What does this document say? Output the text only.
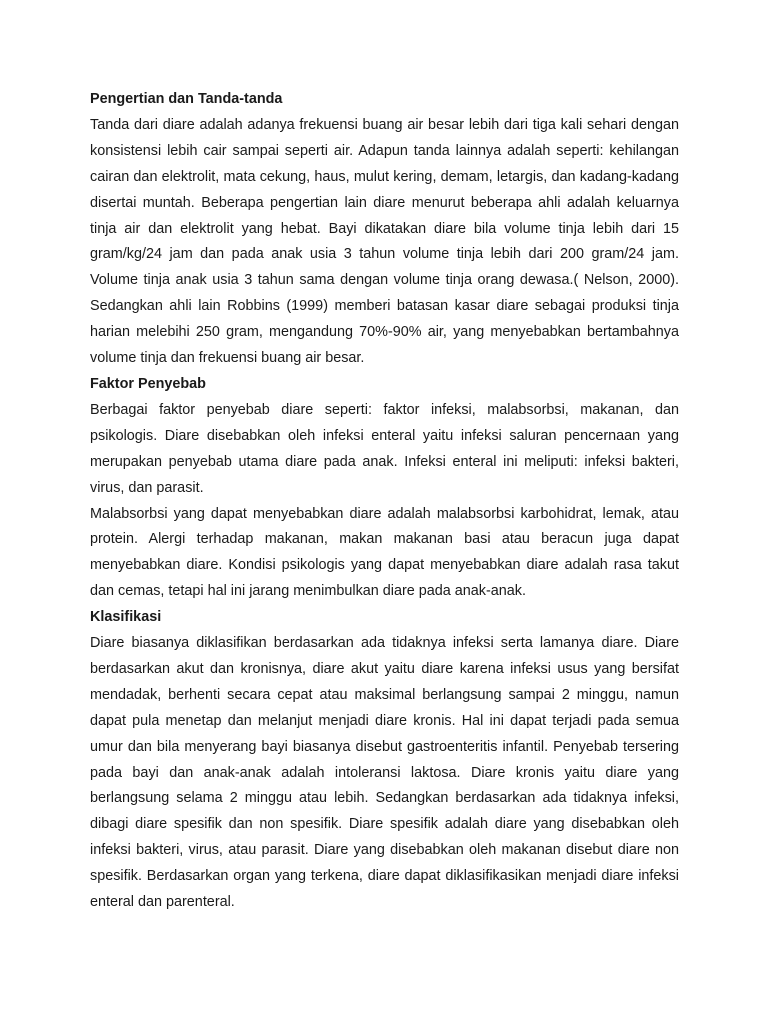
Pengertian dan Tanda-tanda

Tanda dari diare adalah adanya frekuensi buang air besar lebih dari tiga kali sehari dengan konsistensi lebih cair sampai seperti air. Adapun tanda lainnya adalah seperti: kehilangan cairan dan elektrolit, mata cekung, haus, mulut kering, demam, letargis, dan kadang-kadang disertai muntah. Beberapa pengertian lain diare menurut beberapa ahli adalah keluarnya tinja air dan elektrolit yang hebat. Bayi dikatakan diare bila volume tinja lebih dari 15 gram/kg/24 jam dan pada anak usia 3 tahun volume tinja lebih dari 200 gram/24 jam. Volume tinja anak usia 3 tahun sama dengan volume tinja orang dewasa.( Nelson, 2000). Sedangkan ahli lain Robbins (1999) memberi batasan kasar diare sebagai produksi tinja harian melebihi 250 gram, mengandung 70%-90% air, yang menyebabkan bertambahnya volume tinja dan frekuensi buang air besar.

Faktor Penyebab

Berbagai faktor penyebab diare seperti: faktor infeksi, malabsorbsi, makanan, dan psikologis. Diare disebabkan oleh infeksi enteral yaitu infeksi saluran pencernaan yang merupakan penyebab utama diare pada anak. Infeksi enteral ini meliputi: infeksi bakteri, virus, dan parasit.

Malabsorbsi yang dapat menyebabkan diare adalah malabsorbsi karbohidrat, lemak, atau protein. Alergi terhadap makanan, makan makanan basi atau beracun juga dapat menyebabkan diare. Kondisi psikologis yang dapat menyebabkan diare adalah rasa takut dan cemas, tetapi hal ini jarang menimbulkan diare pada anak-anak.

Klasifikasi

Diare biasanya diklasifikan berdasarkan ada tidaknya infeksi serta lamanya diare. Diare berdasarkan akut dan kronisnya, diare akut yaitu diare karena infeksi usus yang bersifat mendadak, berhenti secara cepat atau maksimal berlangsung sampai 2 minggu, namun dapat pula menetap dan melanjut menjadi diare kronis. Hal ini dapat terjadi pada semua umur dan bila menyerang bayi biasanya disebut gastroenteritis infantil. Penyebab tersering pada bayi dan anak-anak adalah intoleransi laktosa. Diare kronis yaitu diare yang berlangsung selama 2 minggu atau lebih. Sedangkan berdasarkan ada tidaknya infeksi, dibagi diare spesifik dan non spesifik. Diare spesifik adalah diare yang disebabkan oleh infeksi bakteri, virus, atau parasit. Diare yang disebabkan oleh makanan disebut diare non spesifik. Berdasarkan organ yang terkena, diare dapat diklasifikasikan menjadi diare infeksi enteral dan parenteral.
